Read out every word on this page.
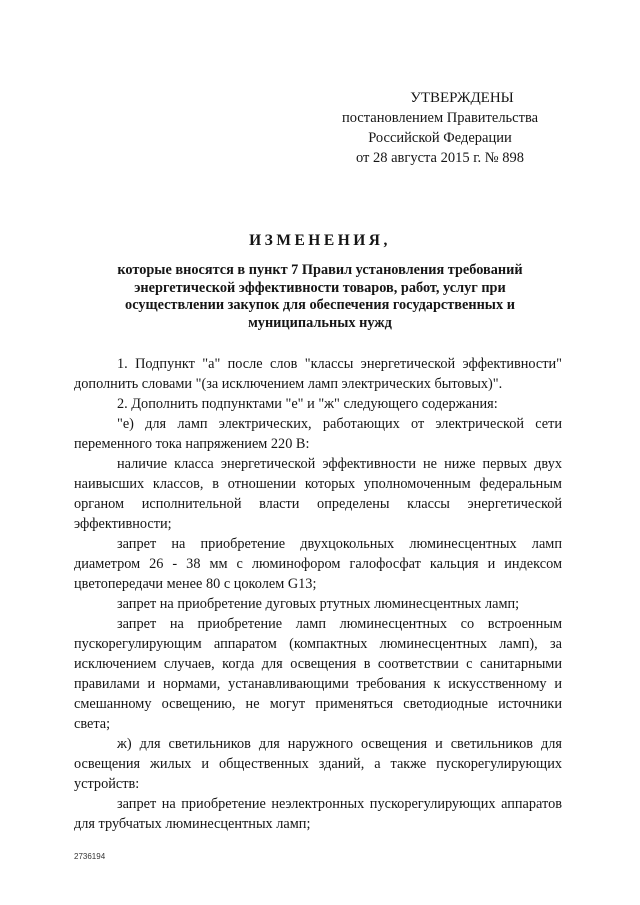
УТВЕРЖДЕНЫ
постановлением Правительства
Российской Федерации
от 28 августа 2015 г. № 898
ИЗМЕНЕНИЯ,
которые вносятся в пункт 7 Правил установления требований
энергетической эффективности товаров, работ, услуг при
осуществлении закупок для обеспечения государственных и
муниципальных нужд

1. Подпункт "а" после слов "классы энергетической эффективности" дополнить словами "(за исключением ламп электрических бытовых)".

2. Дополнить подпунктами "е" и "ж" следующего содержания:

"е) для ламп электрических, работающих от электрической сети переменного тока напряжением 220 В:

наличие класса энергетической эффективности не ниже первых двух наивысших классов, в отношении которых уполномоченным федеральным органом исполнительной власти определены классы энергетической эффективности;

запрет на приобретение двухцокольных люминесцентных ламп диаметром 26 - 38 мм с люминофором галофосфат кальция и индексом цветопередачи менее 80 с цоколем G13;

запрет на приобретение дуговых ртутных люминесцентных ламп;

запрет на приобретение ламп люминесцентных со встроенным пускорегулирующим аппаратом (компактных люминесцентных ламп), за исключением случаев, когда для освещения в соответствии с санитарными правилами и нормами, устанавливающими требования к искусственному и смешанному освещению, не могут применяться светодиодные источники света;

ж) для светильников для наружного освещения и светильников для освещения жилых и общественных зданий, а также пускорегулирующих устройств:

запрет на приобретение неэлектронных пускорегулирующих аппаратов для трубчатых люминесцентных ламп;

2736194
